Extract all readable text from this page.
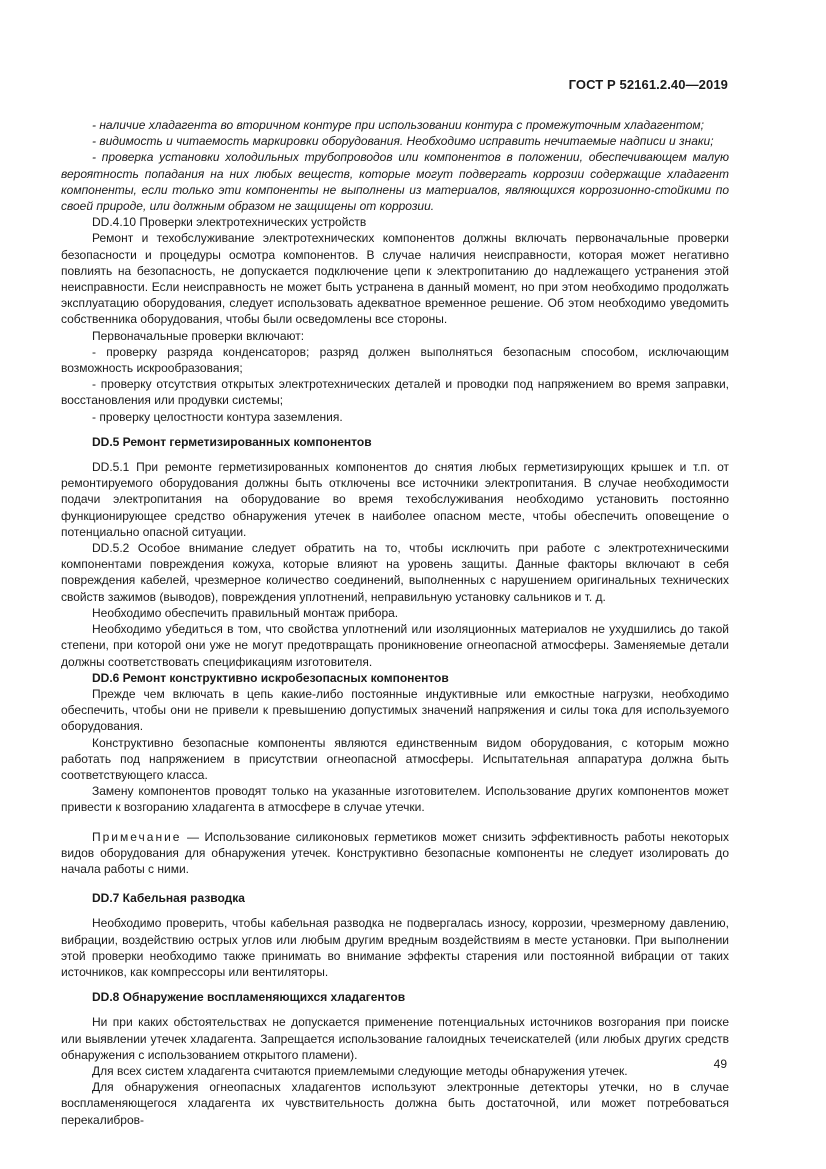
ГОСТ Р 52161.2.40—2019

- наличие хладагента во вторичном контуре при использовании контура с промежуточным хладагентом;

- видимость и читаемость маркировки оборудования. Необходимо исправить нечитаемые надписи и знаки;

- проверка установки холодильных трубопроводов или компонентов в положении, обеспечивающем малую вероятность попадания на них любых веществ, которые могут подвергать коррозии содержащие хладагент компоненты, если только эти компоненты не выполнены из материалов, являющихся коррозионно-стойкими по своей природе, или должным образом не защищены от коррозии.

DD.4.10 Проверки электротехнических устройств

Ремонт и техобслуживание электротехнических компонентов должны включать первоначальные проверки безопасности и процедуры осмотра компонентов. В случае наличия неисправности, которая может негативно повлиять на безопасность, не допускается подключение цепи к электропитанию до надлежащего устранения этой неисправности. Если неисправность не может быть устранена в данный момент, но при этом необходимо продолжать эксплуатацию оборудования, следует использовать адекватное временное решение. Об этом необходимо уведомить собственника оборудования, чтобы были осведомлены все стороны.

Первоначальные проверки включают:

- проверку разряда конденсаторов; разряд должен выполняться безопасным способом, исключающим возможность искрообразования;

- проверку отсутствия открытых электротехнических деталей и проводки под напряжением во время заправки, восстановления или продувки системы;

- проверку целостности контура заземления.

DD.5 Ремонт герметизированных компонентов

DD.5.1 При ремонте герметизированных компонентов до снятия любых герметизирующих крышек и т.п. от ремонтируемого оборудования должны быть отключены все источники электропитания. В случае необходимости подачи электропитания на оборудование во время техобслуживания необходимо установить постоянно функционирующее средство обнаружения утечек в наиболее опасном месте, чтобы обеспечить оповещение о потенциально опасной ситуации.

DD.5.2 Особое внимание следует обратить на то, чтобы исключить при работе с электротехническими компонентами повреждения кожуха, которые влияют на уровень защиты. Данные факторы включают в себя повреждения кабелей, чрезмерное количество соединений, выполненных с нарушением оригинальных технических свойств зажимов (выводов), повреждения уплотнений, неправильную установку сальников и т. д.

Необходимо обеспечить правильный монтаж прибора.

Необходимо убедиться в том, что свойства уплотнений или изоляционных материалов не ухудшились до такой степени, при которой они уже не могут предотвращать проникновение огнеопасной атмосферы. Заменяемые детали должны соответствовать спецификациям изготовителя.

DD.6 Ремонт конструктивно искробезопасных компонентов

Прежде чем включать в цепь какие-либо постоянные индуктивные или емкостные нагрузки, необходимо обеспечить, чтобы они не привели к превышению допустимых значений напряжения и силы тока для используемого оборудования.

Конструктивно безопасные компоненты являются единственным видом оборудования, с которым можно работать под напряжением в присутствии огнеопасной атмосферы. Испытательная аппаратура должна быть соответствующего класса.

Замену компонентов проводят только на указанные изготовителем. Использование других компонентов может привести к возгоранию хладагента в атмосфере в случае утечки.

Примечание — Использование силиконовых герметиков может снизить эффективность работы некоторых видов оборудования для обнаружения утечек. Конструктивно безопасные компоненты не следует изолировать до начала работы с ними.

DD.7 Кабельная разводка

Необходимо проверить, чтобы кабельная разводка не подвергалась износу, коррозии, чрезмерному давлению, вибрации, воздействию острых углов или любым другим вредным воздействиям в месте установки. При выполнении этой проверки необходимо также принимать во внимание эффекты старения или постоянной вибрации от таких источников, как компрессоры или вентиляторы.

DD.8 Обнаружение воспламеняющихся хладагентов

Ни при каких обстоятельствах не допускается применение потенциальных источников возгорания при поиске или выявлении утечек хладагента. Запрещается использование галоидных течеискателей (или любых других средств обнаружения с использованием открытого пламени).

Для всех систем хладагента считаются приемлемыми следующие методы обнаружения утечек.

Для обнаружения огнеопасных хладагентов используют электронные детекторы утечки, но в случае воспламеняющегося хладагента их чувствительность должна быть достаточной, или может потребоваться перекалибров-

49
